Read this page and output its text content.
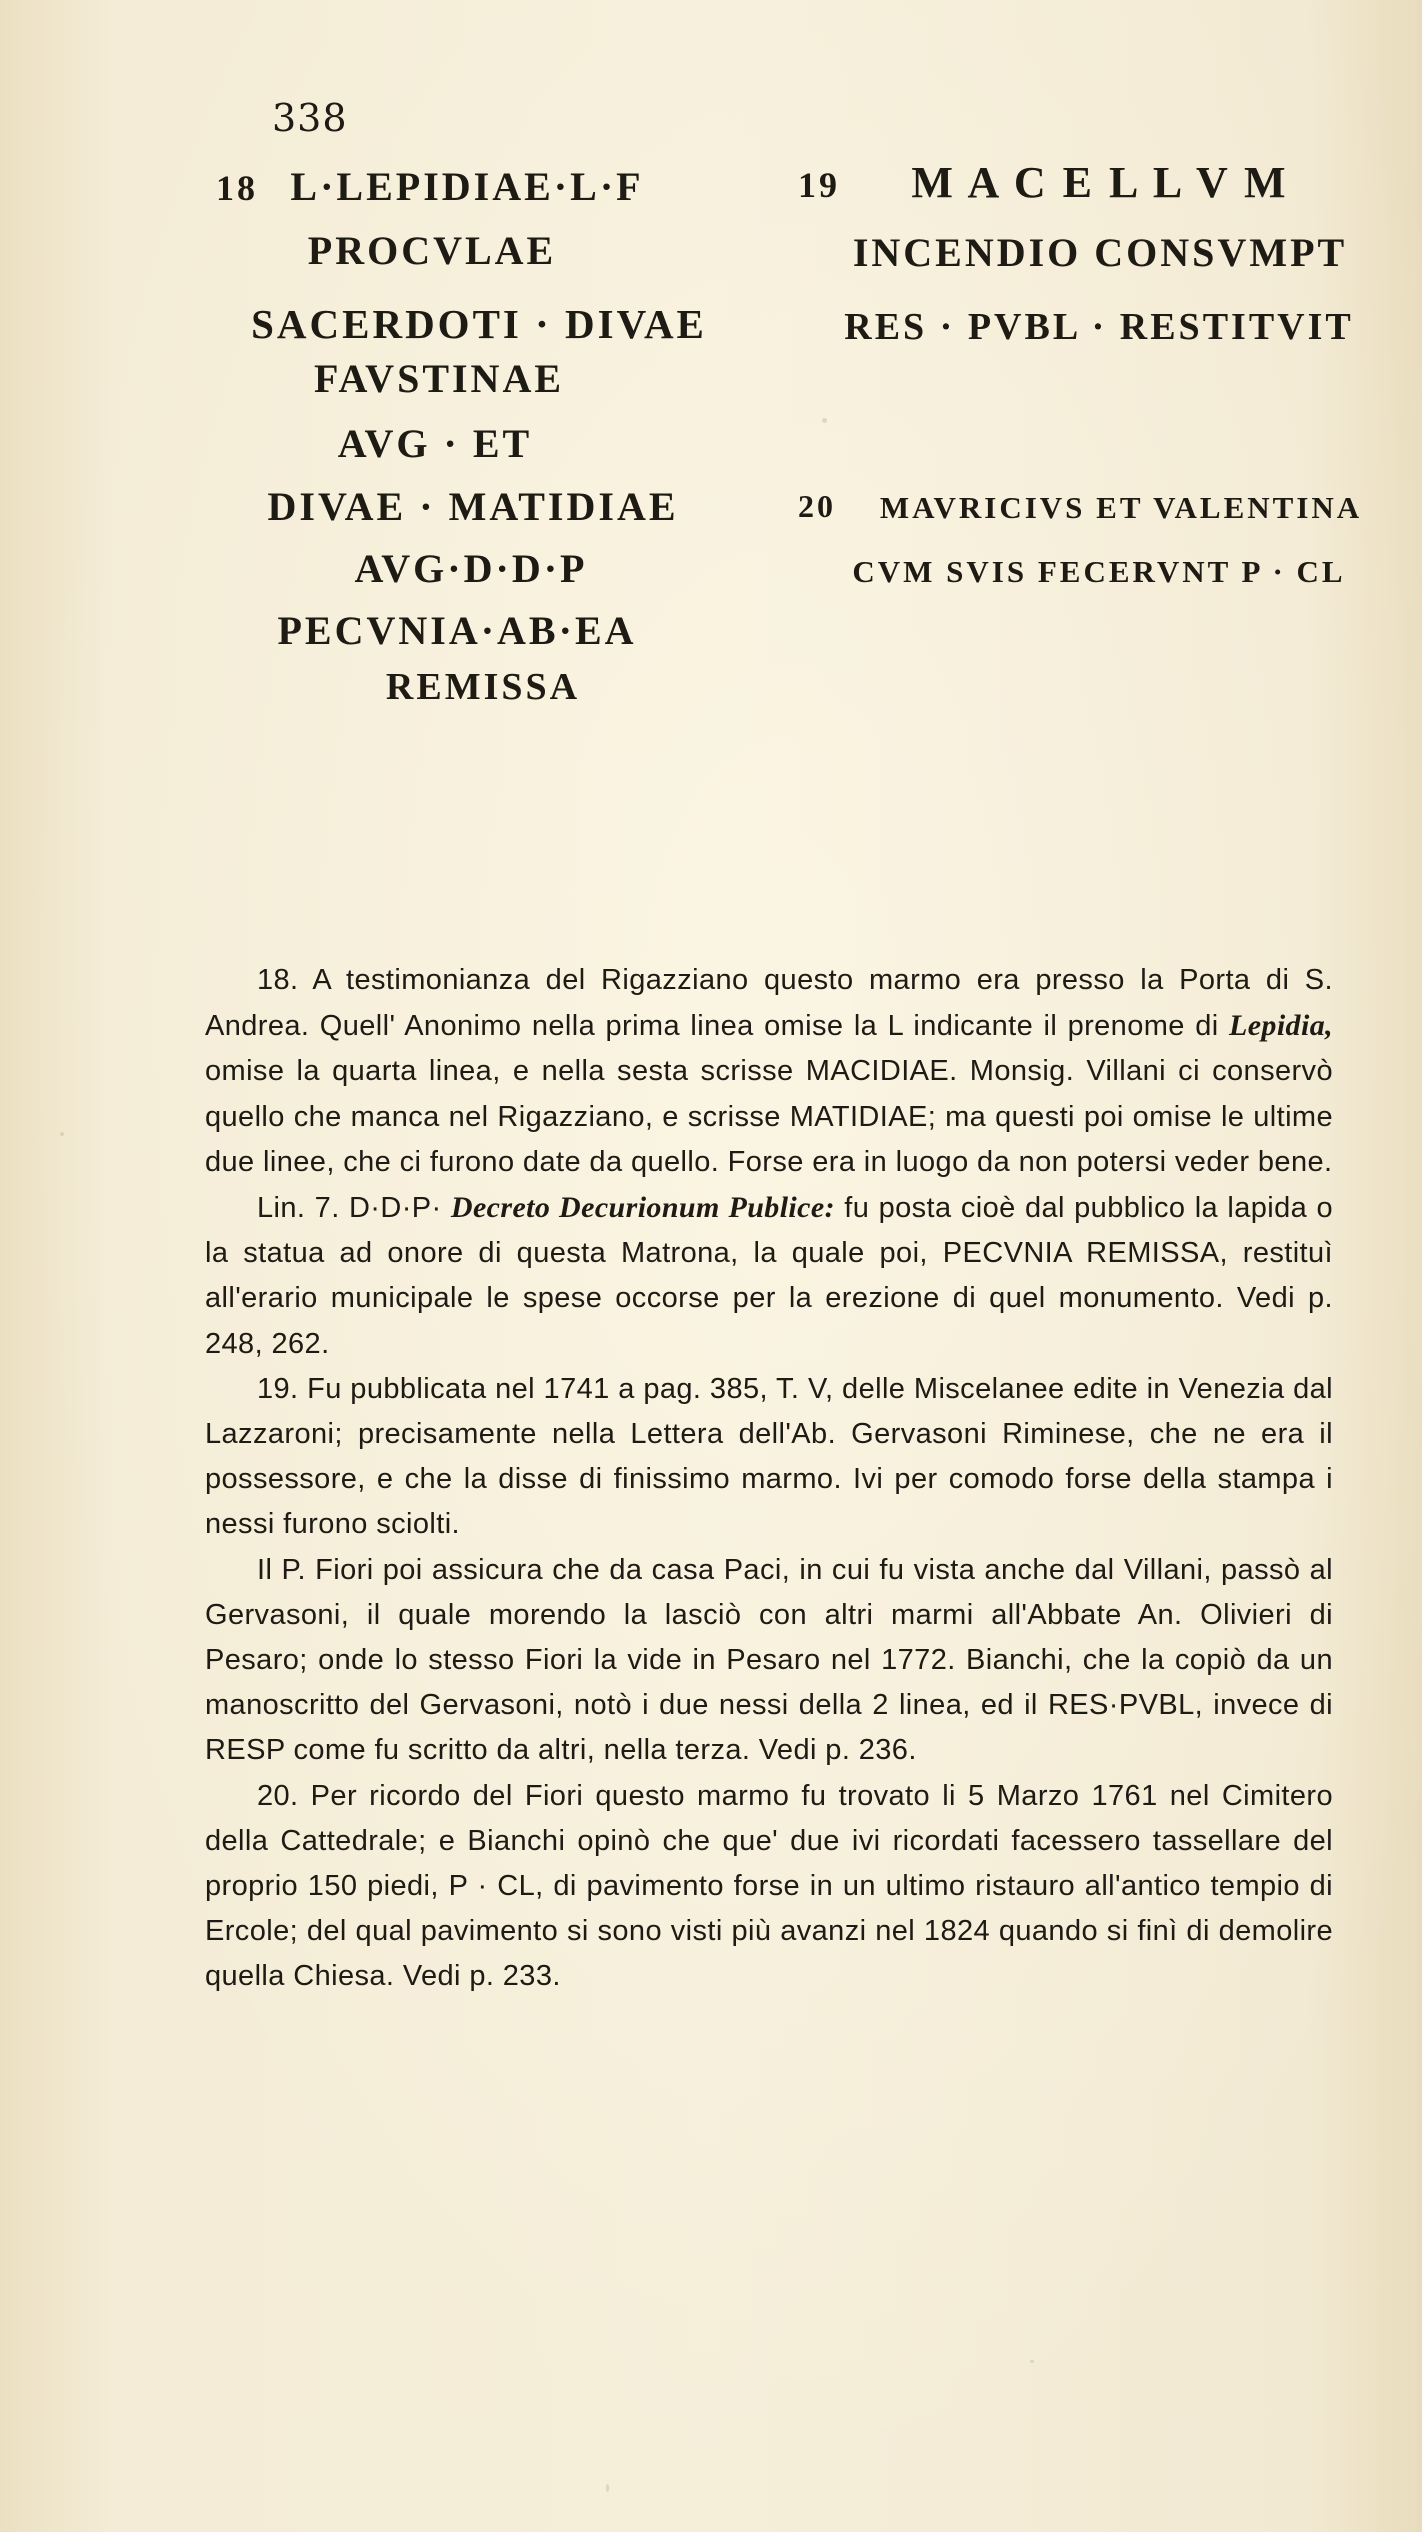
338
18 L·LEPIDIAE·L·F
PROCVLAE
SACERDOTI · DIVAE
FAVSTINAE
AVG · ET
DIVAE · MATIDIAE
AVG·D·D·P
PECVNIA·AB·EA
REMISSA
19 M A C E L L V M
INCENDIO CONSVMPT
RES · PVBL · RESTITVIT
20 MAVRICIVS ET VALENTINA
CVM SVIS FECERVNT P · CL

18. A testimonianza del Rigazziano questo marmo era presso la Porta di S. Andrea. Quell' Anonimo nella prima linea omise la L indicante il prenome di Lepidia, omise la quarta linea, e nella sesta scrisse MACIDIAE. Monsig. Villani ci conservò quello che manca nel Rigazziano, e scrisse MATIDIAE; ma questi poi omise le ultime due linee, che ci furono date da quello. Forse era in luogo da non potersi veder bene.

Lin. 7. D·D·P· Decreto Decurionum Publice: fu posta cioè dal pubblico la lapida o la statua ad onore di questa Matrona, la quale poi, PECVNIA REMISSA, restituì all'erario municipale le spese occorse per la erezione di quel monumento. Vedi p. 248, 262.

19. Fu pubblicata nel 1741 a pag. 385, T. V, delle Miscelanee edite in Venezia dal Lazzaroni; precisamente nella Lettera dell'Ab. Gervasoni Riminese, che ne era il possessore, e che la disse di finissimo marmo. Ivi per comodo forse della stampa i nessi furono sciolti.

Il P. Fiori poi assicura che da casa Paci, in cui fu vista anche dal Villani, passò al Gervasoni, il quale morendo la lasciò con altri marmi all'Abbate An. Olivieri di Pesaro; onde lo stesso Fiori la vide in Pesaro nel 1772. Bianchi, che la copiò da un manoscritto del Gervasoni, notò i due nessi della 2 linea, ed il RES·PVBL, invece di RESP come fu scritto da altri, nella terza. Vedi p. 236.

20. Per ricordo del Fiori questo marmo fu trovato li 5 Marzo 1761 nel Cimitero della Cattedrale; e Bianchi opinò che que' due ivi ricordati facessero tassellare del proprio 150 piedi, P · CL, di pavimento forse in un ultimo ristauro all'antico tempio di Ercole; del qual pavimento si sono visti più avanzi nel 1824 quando si finì di demolire quella Chiesa. Vedi p. 233.
